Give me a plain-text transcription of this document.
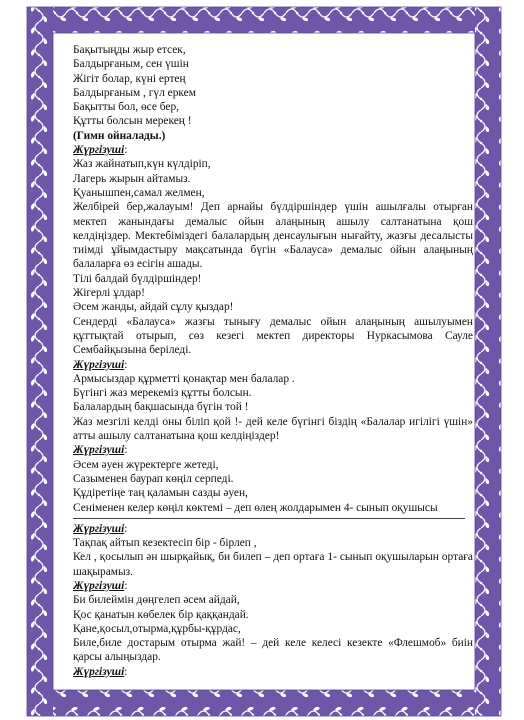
Бақытыңды жыр етсек,
Балдырғаным, сен үшін
Жігіт болар, күні ертең
Балдырғаным , гүл еркем
Бақытты бол, өсе бер,
Құтты болсын мерекең !
(Гимн ойналады.)
Жүргізуші:
Жаз жайнатып,күн күлдіріп,
Лагерь жырын айтамыз.
Қуанышпен,самал желмен,
Желбірей бер,жалауым! Деп арнайы бүлдіршіндер үшін ашылғалы отырған мектеп жанындағы демалыс ойын алаңының ашылу салтанатына қош келдіңіздер. Мектебіміздегі балалардың денсаулығын нығайту, жазғы десалысты тиімді ұйымдастыру мақсатында бүгін «Балауса» демалыс ойын алаңының балаларға өз есігін ашады.
Тілі балдай бүлдіршіндер!
Жігерлі ұлдар!
Әсем жанды, айдай сұлу қыздар!
Сендерді «Балауса» жазғы тынығу демалыс ойын алаңының ашылуымен құттықтай отырып, сөз кезегі мектеп директоры Нуркасымова Сауле Сембайқызына беріледі.
Жүргізуші:
Армысыздар құрметті қонақтар мен балалар .
Бүгінгі жаз мерекеміз құтты болсын.
Балалардың бақшасында бүгін той !
Жаз мезгілі келді оны біліп қой !- дей келе бүгінгі біздің «Балалар игілігі үшін» атты ашылу салтанатына қош келдіңіздер!
Жүргізуші:
Әсем әуен жүректерге жетеді,
Сазыменен баурап көңіл серпеді.
Құдіретіңе таң қаламын сазды әуен,
Сеніменен келер көңіл көктемі – деп өлең жолдарымен 4- сынып оқушысы
Жүргізуші:
Тақпақ айтып кезектесіп бір - бірлеп ,
Кел , қосылып ән шырқайық, би билеп – деп ортаға 1- сынып оқушыларын ортаға шақырамыз.
Жүргізуші:
Би билеймін дөңгелеп әсем айдай,
Қос қанатын көбелек бір қаққандай.
Қане,қосыл,отырма,құрбы-құрдас,
Биле,биле достарым отырма жай! – дей келе келесі кезекте «Флешмоб» биін қарсы алыңыздар.
Жүргізуші:
